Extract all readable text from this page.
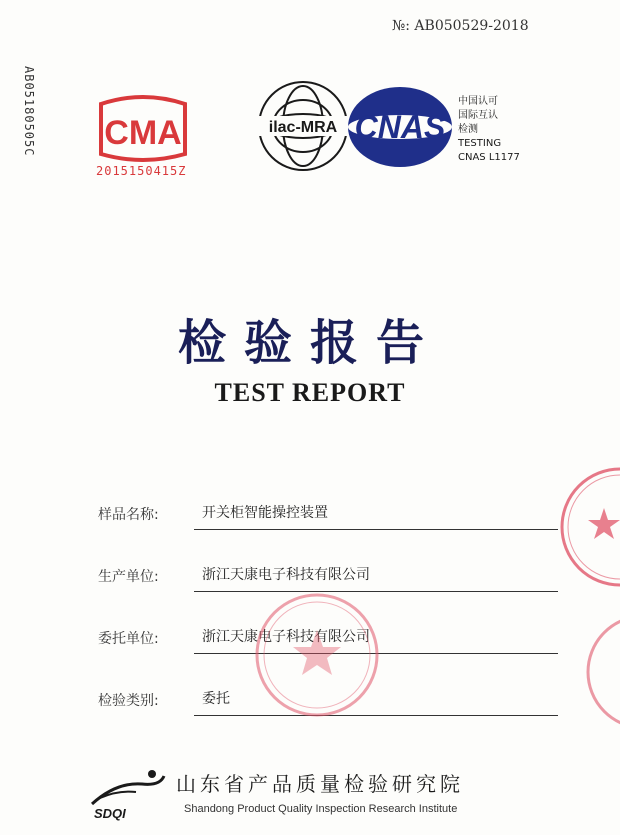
№: AB050529-2018
AB05180505C CMA
2015150415Z
ilac-MRA CNAS
中国认可
国际互认
检测
TESTING
CNAS L1177
检验报告
TEST REPORT
样品名称:	开关柜智能操控装置
生产单位:	浙江天康电子科技有限公司
委托单位:	浙江天康电子科技有限公司
检验类别:	委托
SDQI
山东省产品质量检验研究院
Shandong Product Quality Inspection Research Institute
